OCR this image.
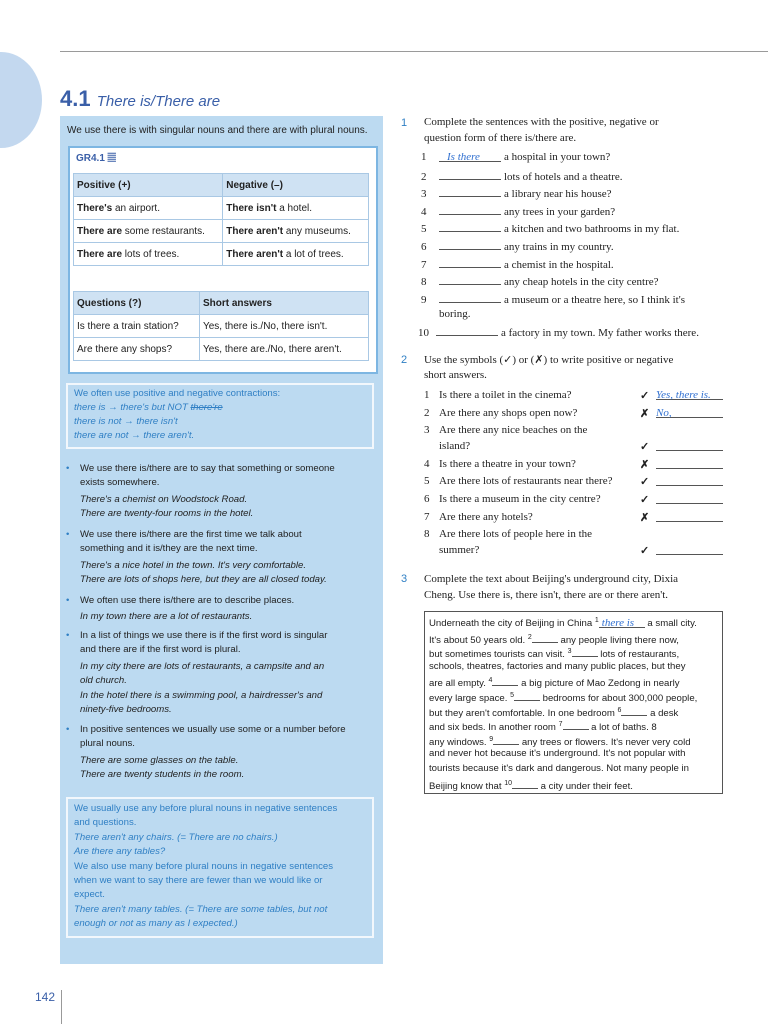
4.1 There is/There are
We use there is with singular nouns and there are with plural nouns.
GR4.1 𝄚
Positive (+)	Negative (–)
There's an airport.	There isn't a hotel.
There are some restaurants.	There aren't any museums.
There are lots of trees.	There aren't a lot of trees.
Questions (?)	Short answers
Is there a train station?	Yes, there is./No, there isn't.
Are there any shops?	Yes, there are./No, there aren't.
We often use positive and negative contractions:
there is → there's but NOT there're
there is not → there isn't
there are not → there aren't.
• We use there is/there are to say that something or someone
exists somewhere.
There's a chemist on Woodstock Road.
There are twenty-four rooms in the hotel.
• We use there is/there are the first time we talk about
something and it is/they are the next time.
There's a nice hotel in the town. It's very comfortable.
There are lots of shops here, but they are all closed today.
• We often use there is/there are to describe places.
In my town there are a lot of restaurants.
• In a list of things we use there is if the first word is singular
and there are if the first word is plural.
In my city there are lots of restaurants, a campsite and an
old church.
In the hotel there is a swimming pool, a hairdresser's and
ninety-five bedrooms.
• In positive sentences we usually use some or a number before
plural nouns.
There are some glasses on the table.
There are twenty students in the room.
We usually use any before plural nouns in negative sentences
and questions.
There aren't any chairs. (= There are no chairs.)
Are there any tables?
We also use many before plural nouns in negative sentences
when we want to say there are fewer than we would like or
expect.
There aren't many tables. (= There are some tables, but not
enough or not as many as I expected.)
1 Complete the sentences with the positive, negative or
question form of there is/there are.
1 Is there a hospital in your town?
2	lots of hotels and a theatre.
3	a library near his house?
4	any trees in your garden?
5	a kitchen and two bathrooms in my flat.
6	any trains in my country.
7	a chemist in the hospital.
8	any cheap hotels in the city centre?
9	a museum or a theatre here, so I think it's
boring.
10	a factory in my town. My father works there.
2 Use the symbols (✓) or (✗) to write positive or negative
short answers.
1 Is there a toilet in the cinema?	✓ Yes, there is.
2 Are there any shops open now?	✗ No,
3 Are there any nice beaches on the
island?	✓
4 Is there a theatre in your town?	✗
5 Are there lots of restaurants near there?	✓
6 Is there a museum in the city centre?	✓
7 Are there any hotels?	✗
8 Are there lots of people here in the
summer?	✓
3 Complete the text about Beijing's underground city, Dixia
Cheng. Use there is, there isn't, there are or there aren't.
Underneath the city of Beijing in China $^1$ there is a small city.
It's about 50 years old. $^2$	any people living there now,
but sometimes tourists can visit. $^3$	lots of restaurants,
schools, theatres, factories and many public places, but they
are all empty. $^4$	a big picture of Mao Zedong in nearly
every large space. $^5$	bedrooms for about 300,000 people,
but they aren't comfortable. In one bedroom $^6$	a desk
and six beds. In another room $^7$	a lot of baths. 8
any windows. $^9$	any trees or flowers. It's never very cold
and never hot because it's underground. It's not popular with
tourists because it's dark and dangerous. Not many people in
Beijing know that $^{10}$	a city under their feet.
142
